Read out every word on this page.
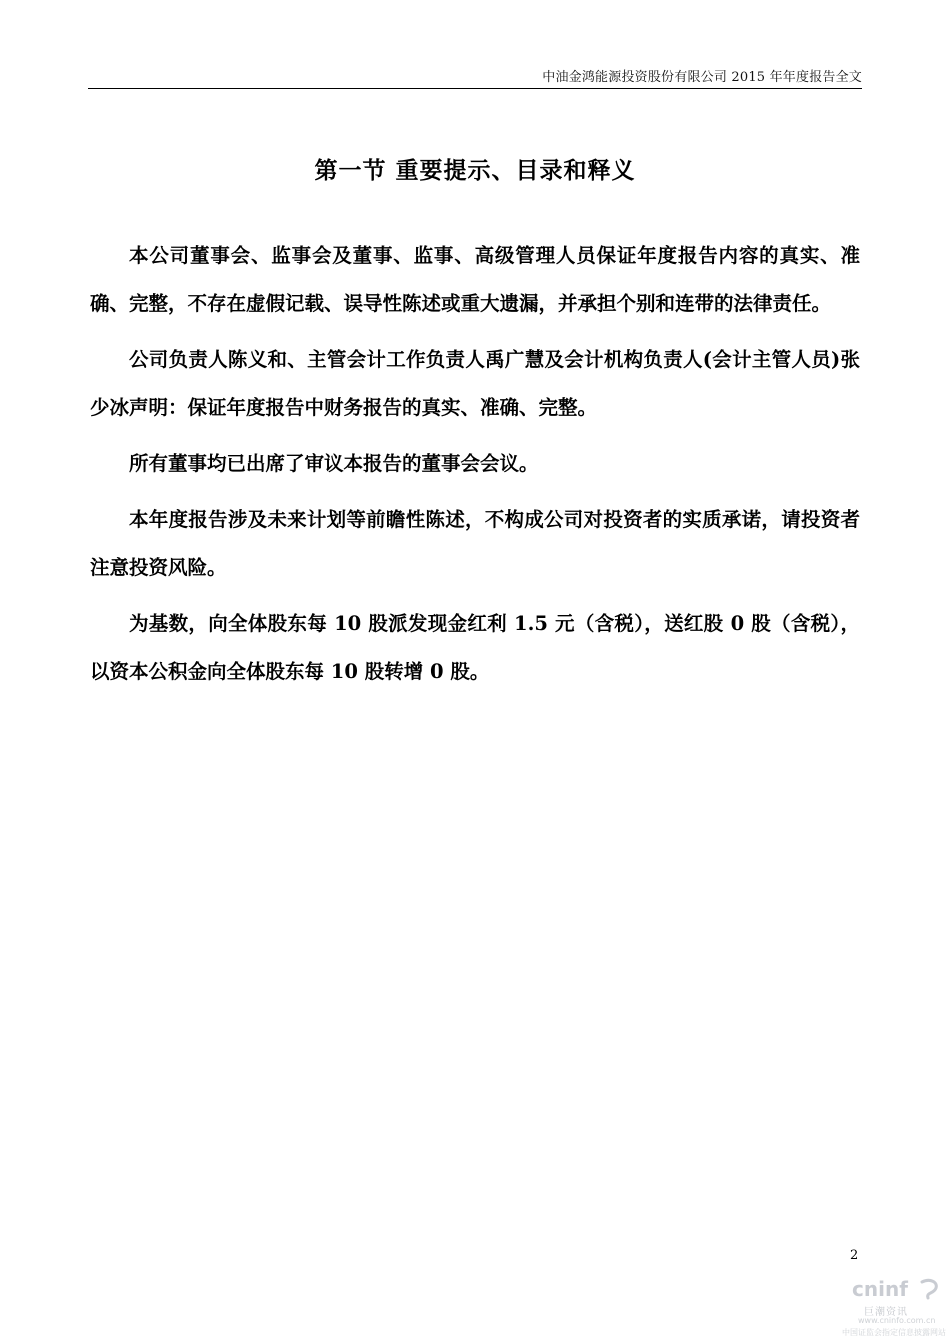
中油金鸿能源投资股份有限公司 2015 年年度报告全文
第一节 重要提示、目录和释义

本公司董事会、监事会及董事、监事、高级管理人员保证年度报告内容的真实、准确、完整，不存在虚假记载、误导性陈述或重大遗漏，并承担个别和连带的法律责任。

公司负责人陈义和、主管会计工作负责人禹广慧及会计机构负责人(会计主管人员)张少冰声明：保证年度报告中财务报告的真实、准确、完整。

所有董事均已出席了审议本报告的董事会会议。

本年度报告涉及未来计划等前瞻性陈述，不构成公司对投资者的实质承诺，请投资者注意投资风险。

为基数，向全体股东每 10 股派发现金红利 1.5 元（含税），送红股 0 股（含税），以资本公积金向全体股东每 10 股转增 0 股。

2
cninf
巨潮资讯
www.cninfo.com.cn
中国证监会指定信息披露网站
